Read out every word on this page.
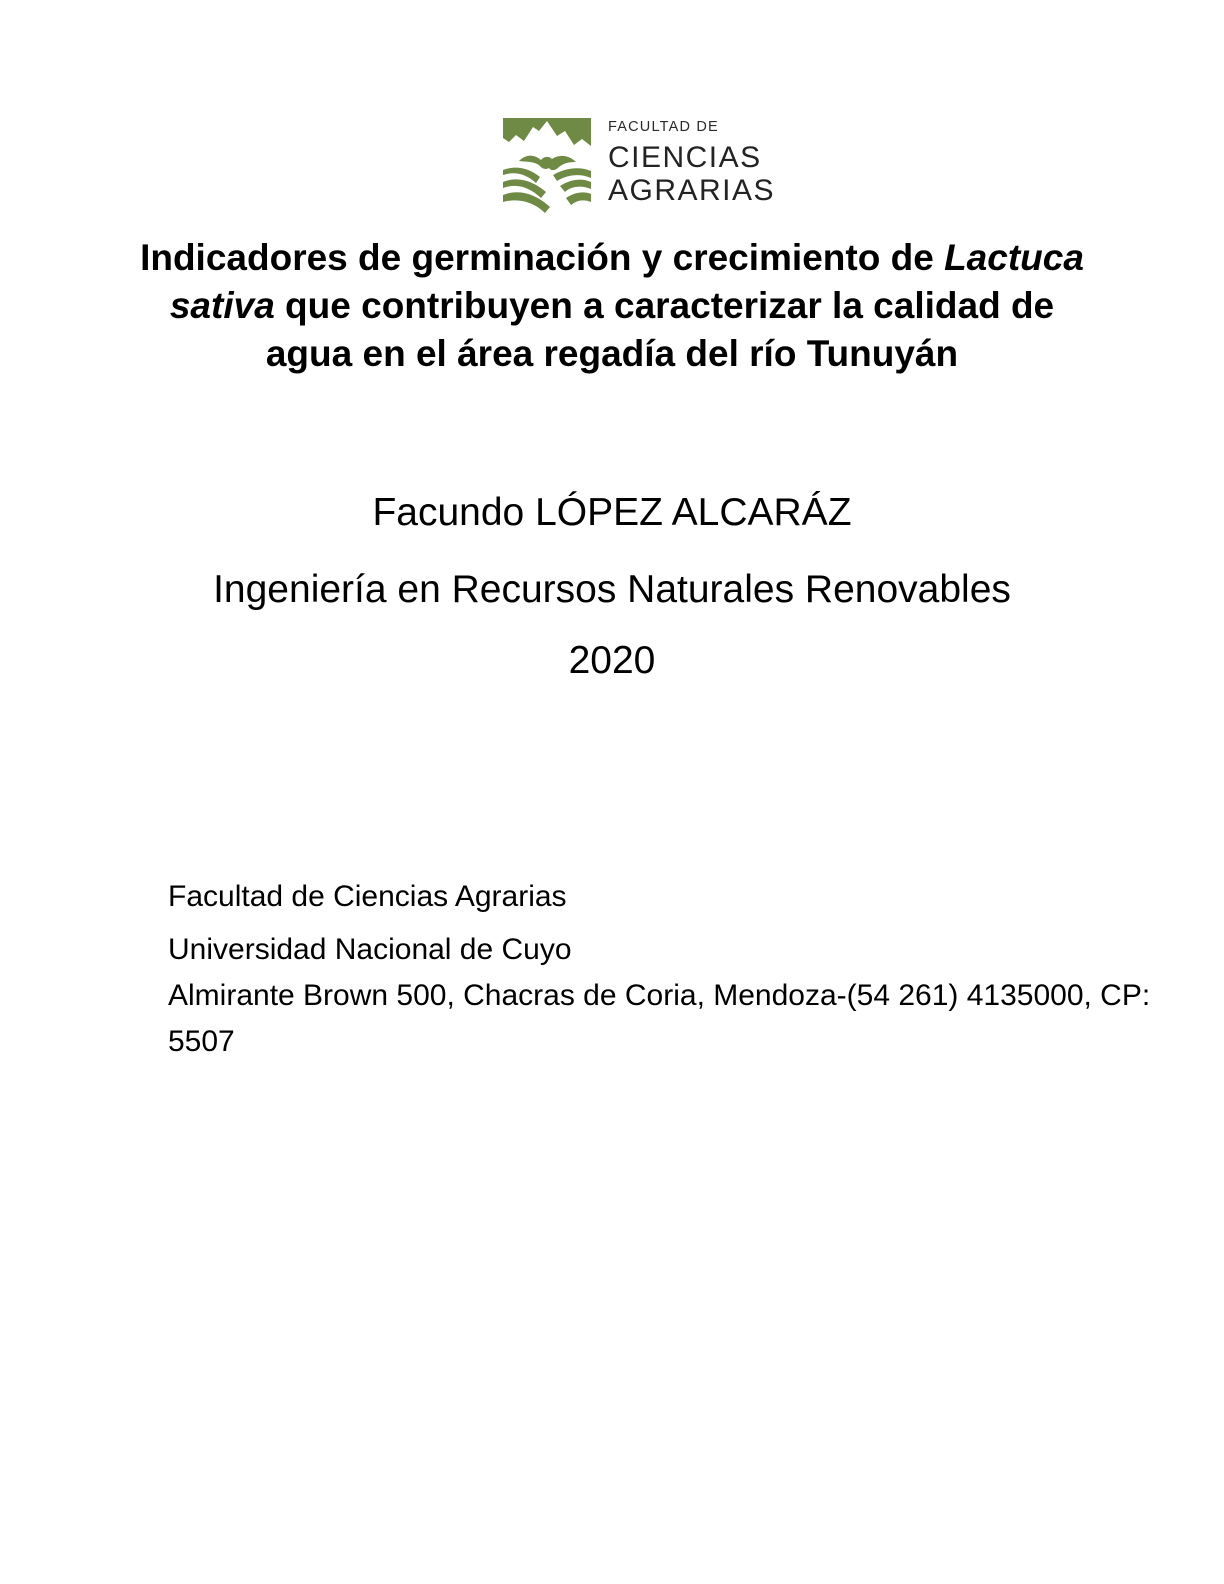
FACULTAD DE
CIENCIAS
AGRARIAS
Indicadores de germinación y crecimiento de Lactuca
sativa que contribuyen a caracterizar la calidad de
agua en el área regadía del río Tunuyán
Facundo LÓPEZ ALCARÁZ
Ingeniería en Recursos Naturales Renovables
2020
Facultad de Ciencias Agrarias
Universidad Nacional de Cuyo
Almirante Brown 500, Chacras de Coria, Mendoza-(54 261) 4135000, CP:
5507
